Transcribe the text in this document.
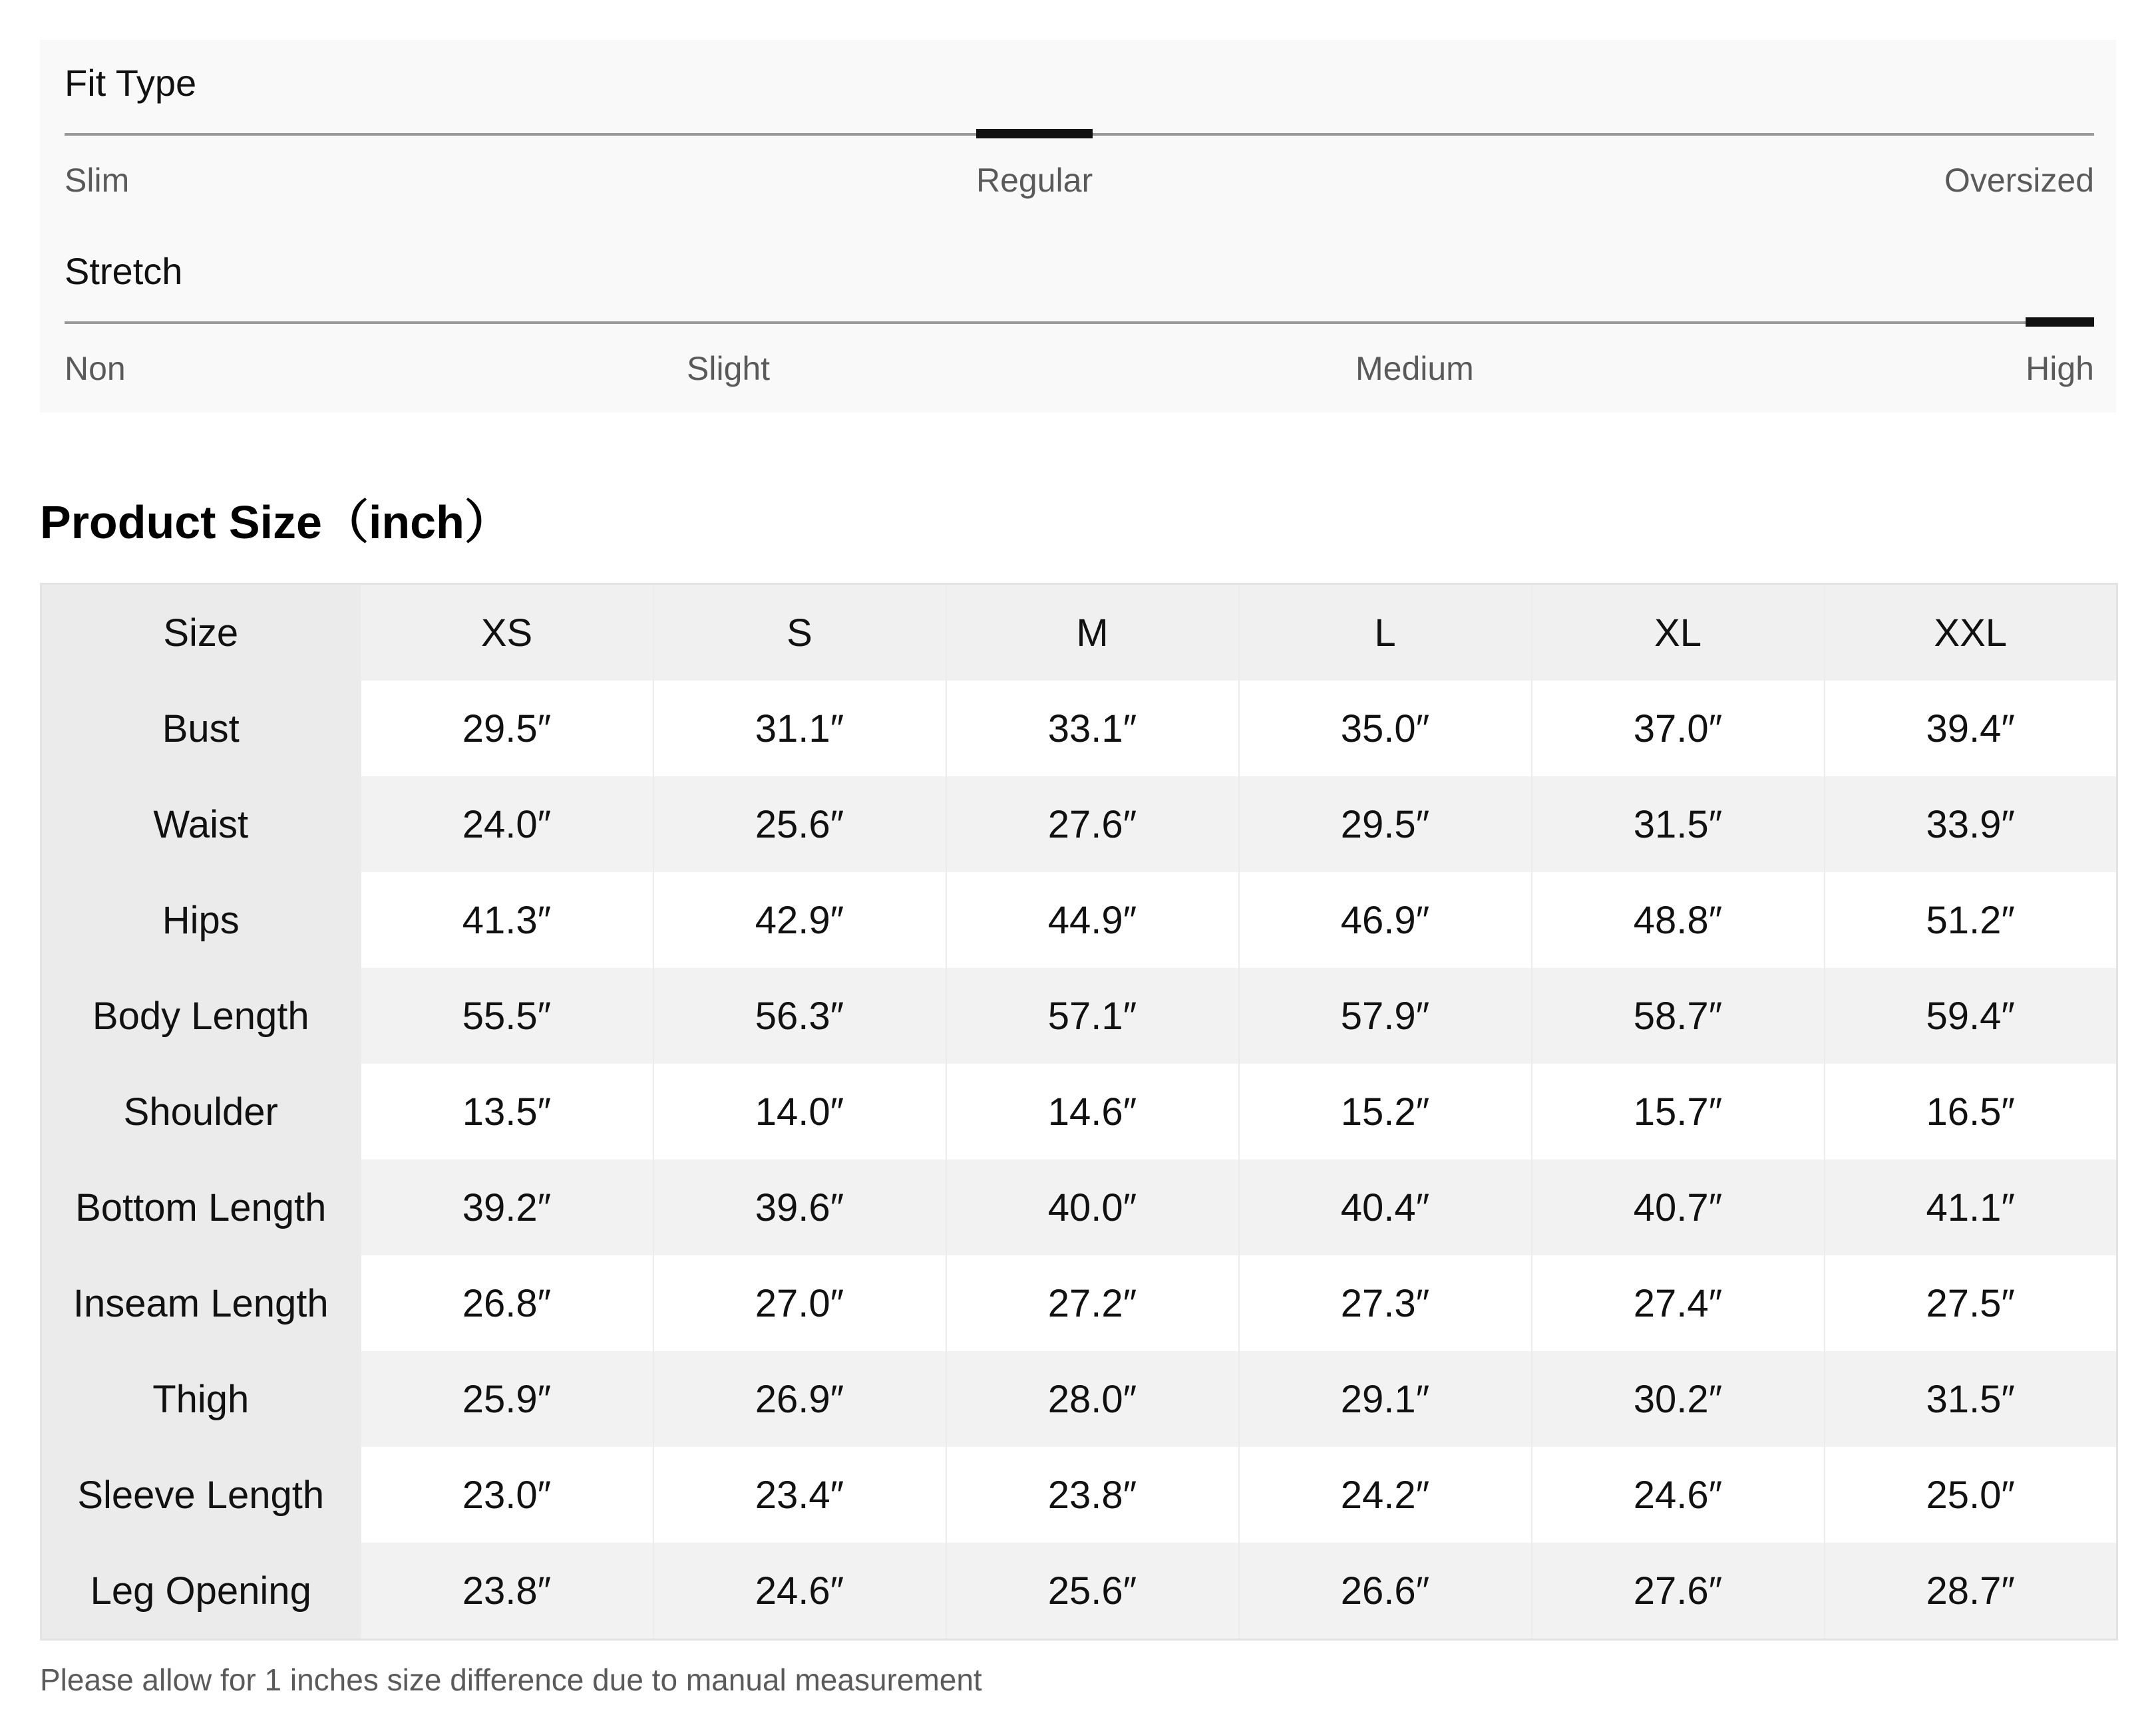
Fit Type
Slim	Regular	Oversized
Stretch
Non	Slight	Medium	High
Product Size（inch）
Size	XS	S	M	L	XL	XXL
Bust	29.5″	31.1″	33.1″	35.0″	37.0″	39.4″
Waist	24.0″	25.6″	27.6″	29.5″	31.5″	33.9″
Hips	41.3″	42.9″	44.9″	46.9″	48.8″	51.2″
Body Length	55.5″	56.3″	57.1″	57.9″	58.7″	59.4″
Shoulder	13.5″	14.0″	14.6″	15.2″	15.7″	16.5″
Bottom Length	39.2″	39.6″	40.0″	40.4″	40.7″	41.1″
Inseam Length	26.8″	27.0″	27.2″	27.3″	27.4″	27.5″
Thigh	25.9″	26.9″	28.0″	29.1″	30.2″	31.5″
Sleeve Length	23.0″	23.4″	23.8″	24.2″	24.6″	25.0″
Leg Opening	23.8″	24.6″	25.6″	26.6″	27.6″	28.7″
Please allow for 1 inches size difference due to manual measurement
